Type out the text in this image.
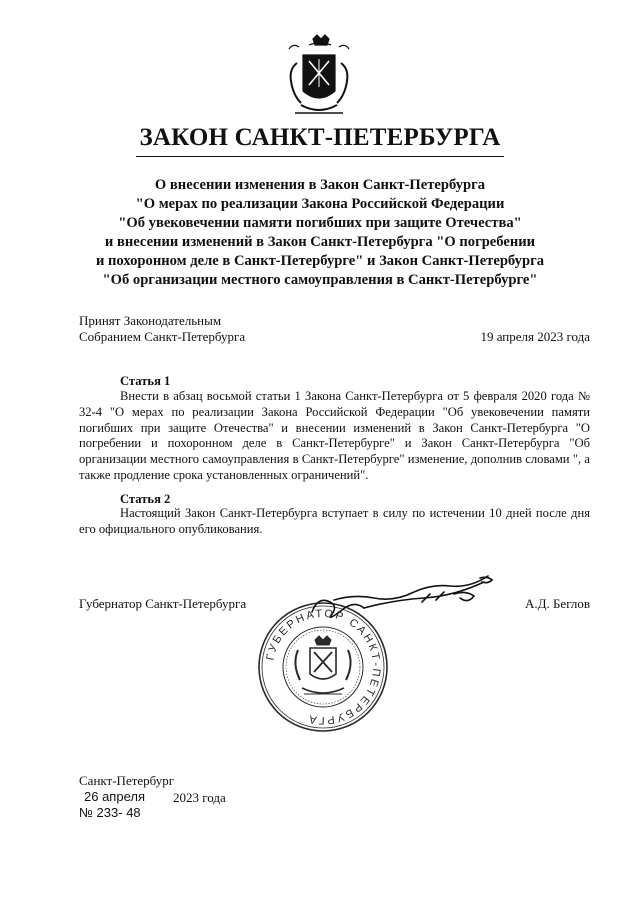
ЗАКОН САНКТ-ПЕТЕРБУРГА
О внесении изменения в Закон Санкт-Петербурга
"О мерах по реализации Закона Российской Федерации
"Об увековечении памяти погибших при защите Отечества"
и внесении изменений в Закон Санкт-Петербурга "О погребении
и похоронном деле в Санкт-Петербурге" и Закон Санкт-Петербурга
"Об организации местного самоуправления в Санкт-Петербурге"
Принят Законодательным
Собранием Санкт-Петербурга	19 апреля 2023 года
Статья 1

Внести в абзац восьмой статьи 1 Закона Санкт-Петербурга от 5 февраля 2020 года № 32-4 "О мерах по реализации Закона Российской Федерации "Об увековечении памяти погибших при защите Отечества" и внесении изменений в Закон Санкт-Петербурга "О погребении и похоронном деле в Санкт-Петербурге" и Закон Санкт-Петербурга "Об организации местного самоуправления в Санкт-Петербурге" изменение, дополнив словами ", а также продление срока установленных ограничений".

Статья 2

Настоящий Закон Санкт-Петербурга вступает в силу по истечении 10 дней после дня его официального опубликования.

Губернатор Санкт-Петербурга	А.Д. Беглов
ГУБЕРНАТОР САНКТ-ПЕТЕРБУРГА
Санкт-Петербург
26 апреля 2023 года
№ 233- 48
